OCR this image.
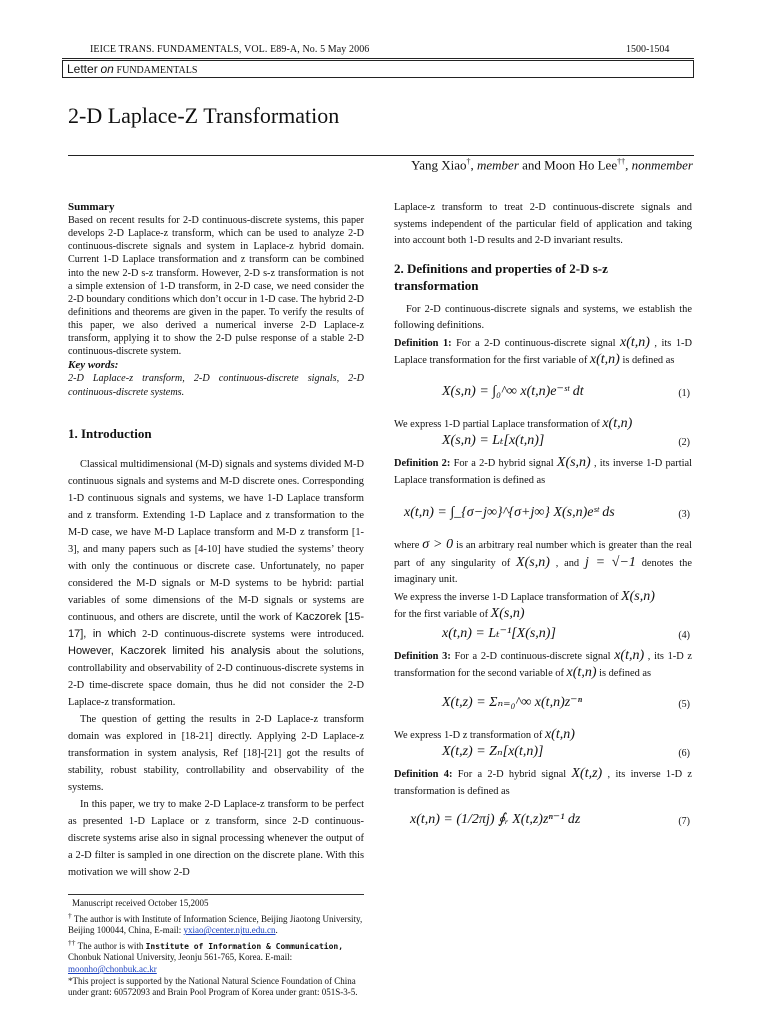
IEICE TRANS. FUNDAMENTALS, VOL. E89-A, No. 5 May 2006	1500-1504
Letter on FUNDAMENTALS
2-D Laplace-Z Transformation
Yang Xiao†, member and Moon Ho Lee††, nonmember

Summary

Based on recent results for 2-D continuous-discrete systems, this paper develops 2-D Laplace-z transform, which can be used to analyze 2-D continuous-discrete signals and system in Laplace-z hybrid domain. Current 1-D Laplace transformation and z transform can be combined into the new 2-D s-z transform. However, 2-D s-z transformation is not a simple extension of 1-D transform, in 2-D case, we need consider the 2-D boundary conditions which don’t occur in 1-D case. The hybrid 2-D definitions and theorems are given in the paper. To verify the results of this paper, we also derived a numerical inverse 2-D Laplace-z transform, applying it to show the 2-D pulse response of a stable 2-D continuous-discrete system.

Key words:

2-D Laplace-z transform, 2-D continuous-discrete signals, 2-D continuous-discrete systems.

1. Introduction

Classical multidimensional (M-D) signals and systems divided M-D continuous signals and systems and M-D discrete ones. Corresponding 1-D continuous signals and systems, we have 1-D Laplace transform and z transform. Extending 1-D Laplace and z transformation to the M-D case, we have M-D Laplace transform and M-D z transform [1-3], and many papers such as [4-10] have studied the systems’ theory with only the continuous or discrete case. Unfortunately, no paper considered the M-D signals or M-D systems to be hybrid: partial variables of some dimensions of the M-D signals or systems are continuous, and others are discrete, until the work of Kaczorek [15-17], in which 2-D continuous-discrete systems were introduced. However, Kaczorek limited his analysis about the solutions, controllability and observability of 2-D continuous-discrete systems in 2-D time-discrete space domain, thus he did not consider the 2-D Laplace-z transformation.

The question of getting the results in 2-D Laplace-z transform domain was explored in [18-21] directly. Applying 2-D Laplace-z transformation in system analysis, Ref [18]-[21] got the results of stability, robust stability, controllability and observability of the systems.

In this paper, we try to make 2-D Laplace-z transform to be perfect as presented 1-D Laplace or z transform, since 2-D continuous-discrete systems arise also in signal processing whenever the output of a 2-D filter is sampled in one direction on the discrete plane. With this motivation we will show 2-D

Manuscript received October 15,2005

† The author is with Institute of Information Science, Beijing Jiaotong University, Beijing 100044, China, E-mail: yxiao@center.njtu.edu.cn.

†† The author is with Institute of Information & Communication, Chonbuk National University, Jeonju 561-765, Korea. E-mail: moonho@chonbuk.ac.kr

*This project is supported by the National Natural Science Foundation of China under grant: 60572093 and Brain Pool Program of Korea under grant: 051S-3-5.

Laplace-z transform to treat 2-D continuous-discrete signals and systems independent of the particular field of application and taking into account both 1-D results and 2-D invariant results.

2. Definitions and properties of 2-D s-z transformation

For 2-D continuous-discrete signals and systems, we establish the following definitions.

Definition 1: For a 2-D continuous-discrete signal x(t,n) , its 1-D Laplace transformation for the first variable of x(t,n) is defined as

X(s,n) = ∫₀^∞ x(t,n)e⁻ˢᵗ dt	(1)

We express 1-D partial Laplace transformation of x(t,n)

X(s,n) = Lₜ[x(t,n)]	(2)

Definition 2: For a 2-D hybrid signal X(s,n) , its inverse 1-D partial Laplace transformation is defined as

x(t,n) = ∫_{σ−j∞}^{σ+j∞} X(s,n)eˢᵗ ds	(3)

where σ > 0 is an arbitrary real number which is greater than the real part of any singularity of X(s,n) , and j = √−1 denotes the imaginary unit.

We express the inverse 1-D Laplace transformation of X(s,n)

for the first variable of X(s,n)

x(t,n) = Lₜ⁻¹[X(s,n)]	(4)

Definition 3: For a 2-D continuous-discrete signal x(t,n) , its 1-D z transformation for the second variable of x(t,n) is defined as

X(t,z) = Σₙ₌₀^∞ x(t,n)z⁻ⁿ	(5)

We express 1-D z transformation of x(t,n)

X(t,z) = Zₙ[x(t,n)]	(6)

Definition 4: For a 2-D hybrid signal X(t,z) , its inverse 1-D z transformation is defined as

x(t,n) = (1/2πj) ∮ᵣ X(t,z)zⁿ⁻¹ dz	(7)
